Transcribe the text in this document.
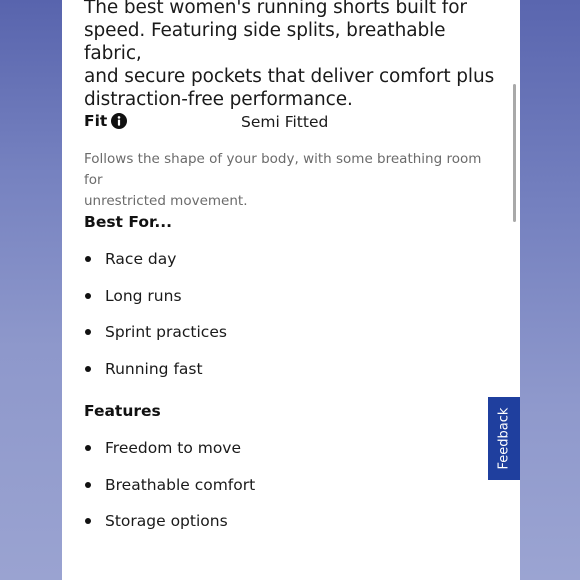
The best women's running shorts built for
speed. Featuring side splits, breathable fabric,
and secure pockets that deliver comfort plus
distraction-free performance.
Fit	Semi Fitted
Follows the shape of your body, with some breathing room for
unrestricted movement.
Best For...
Race day
Long runs
Sprint practices
Running fast
Features
Freedom to move
Breathable comfort
Storage options
Feedback
